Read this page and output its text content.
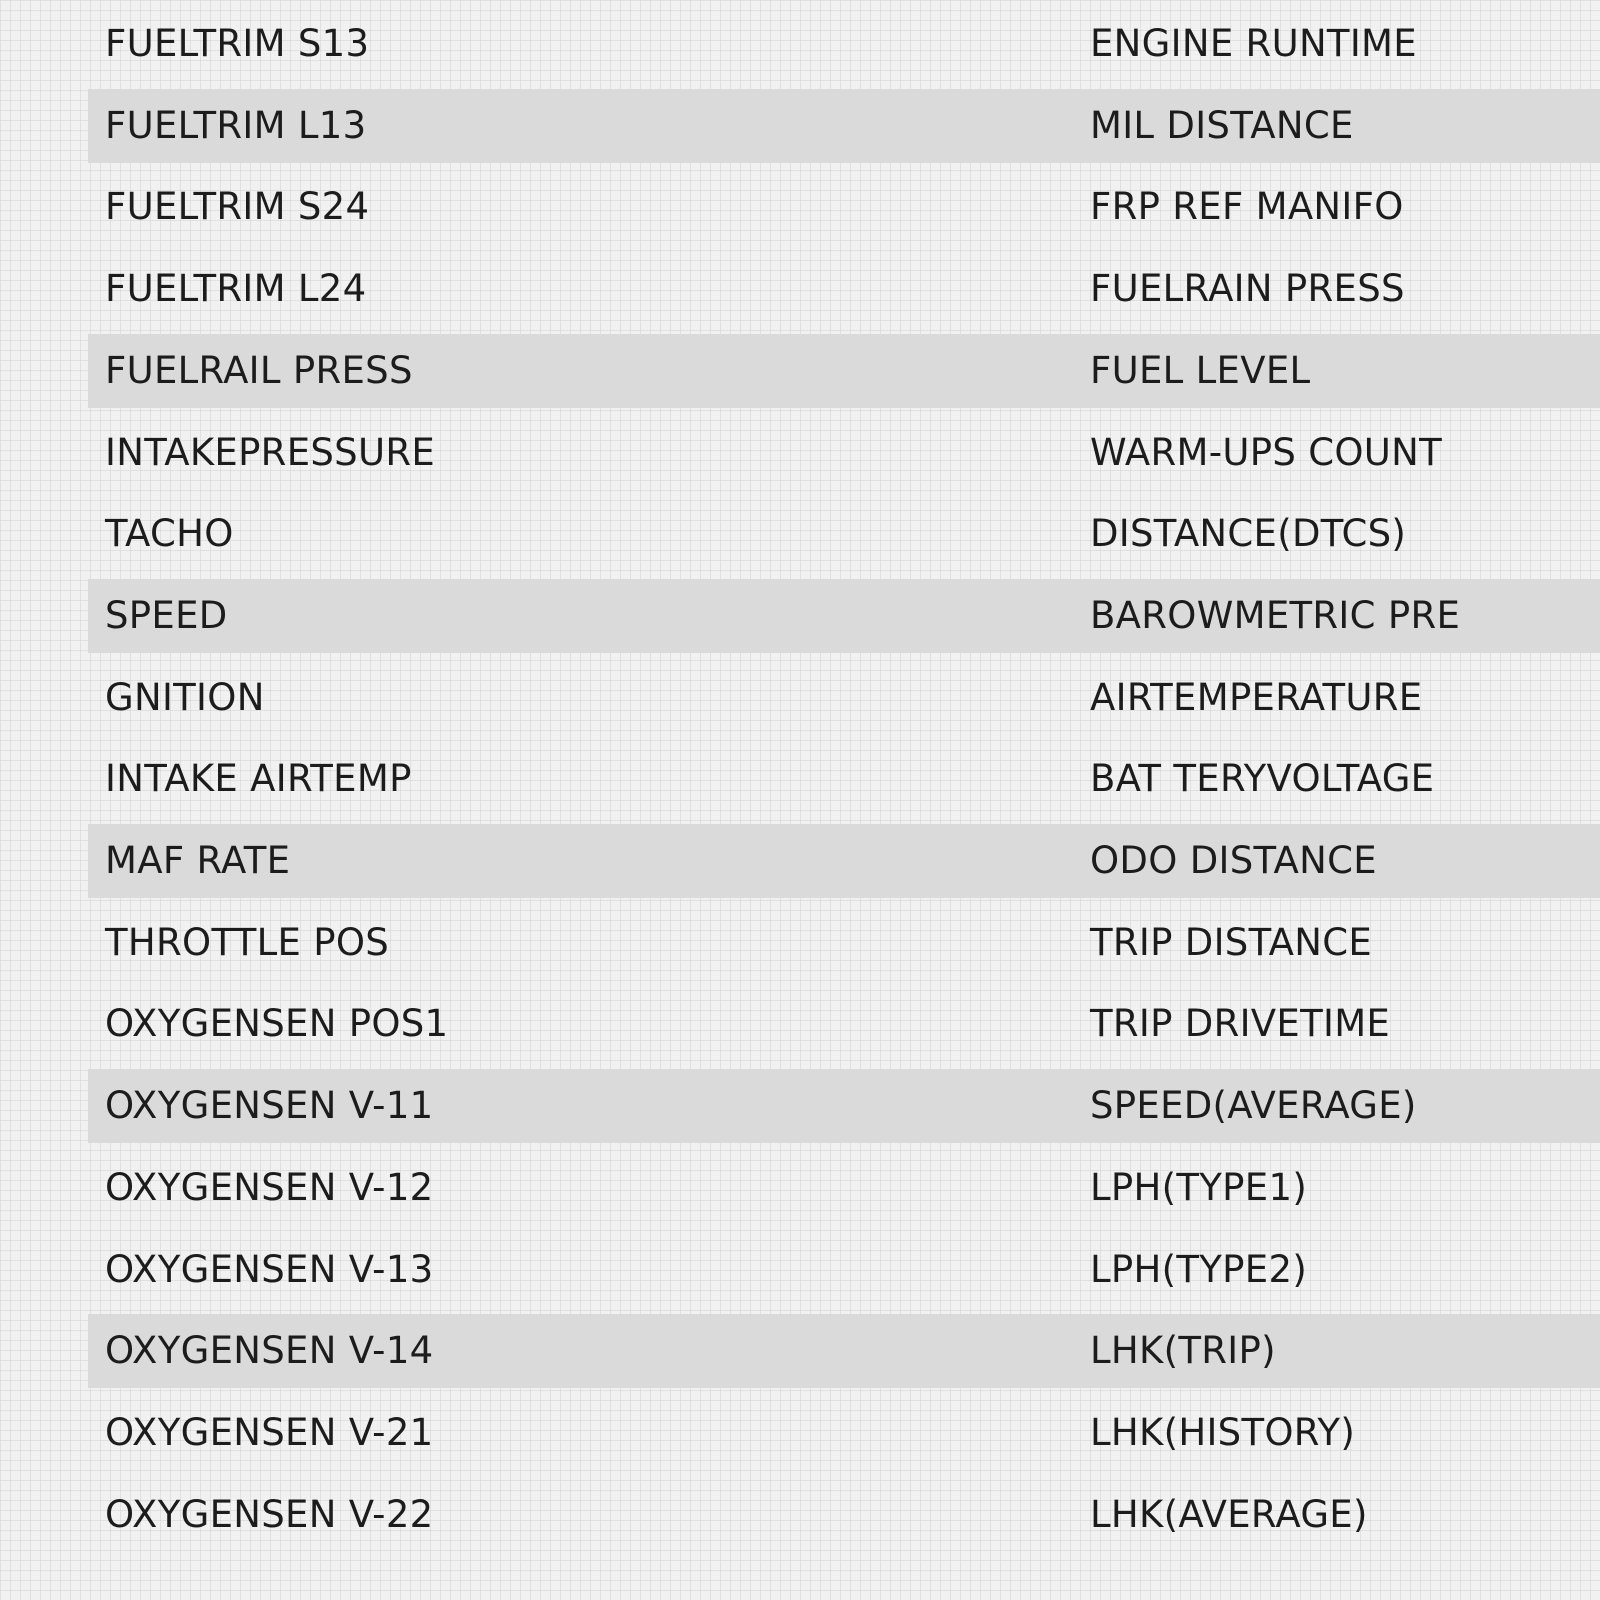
FUELTRIM S13	ENGINE RUNTIME
FUELTRIM L13	MIL DISTANCE
FUELTRIM S24	FRP REF MANIFO
FUELTRIM L24	FUELRAIN PRESS
FUELRAIL PRESS	FUEL LEVEL
INTAKEPRESSURE	WARM-UPS COUNT
TACHO	DISTANCE(DTCS)
SPEED	BAROWMETRIC PRE
GNITION	AIRTEMPERATURE
INTAKE AIRTEMP	BAT TERYVOLTAGE
MAF RATE	ODO DISTANCE
THROTTLE POS	TRIP DISTANCE
OXYGENSEN POS1	TRIP DRIVETIME
OXYGENSEN V-11	SPEED(AVERAGE)
OXYGENSEN V-12	LPH(TYPE1)
OXYGENSEN V-13	LPH(TYPE2)
OXYGENSEN V-14	LHK(TRIP)
OXYGENSEN V-21	LHK(HISTORY)
OXYGENSEN V-22	LHK(AVERAGE)
